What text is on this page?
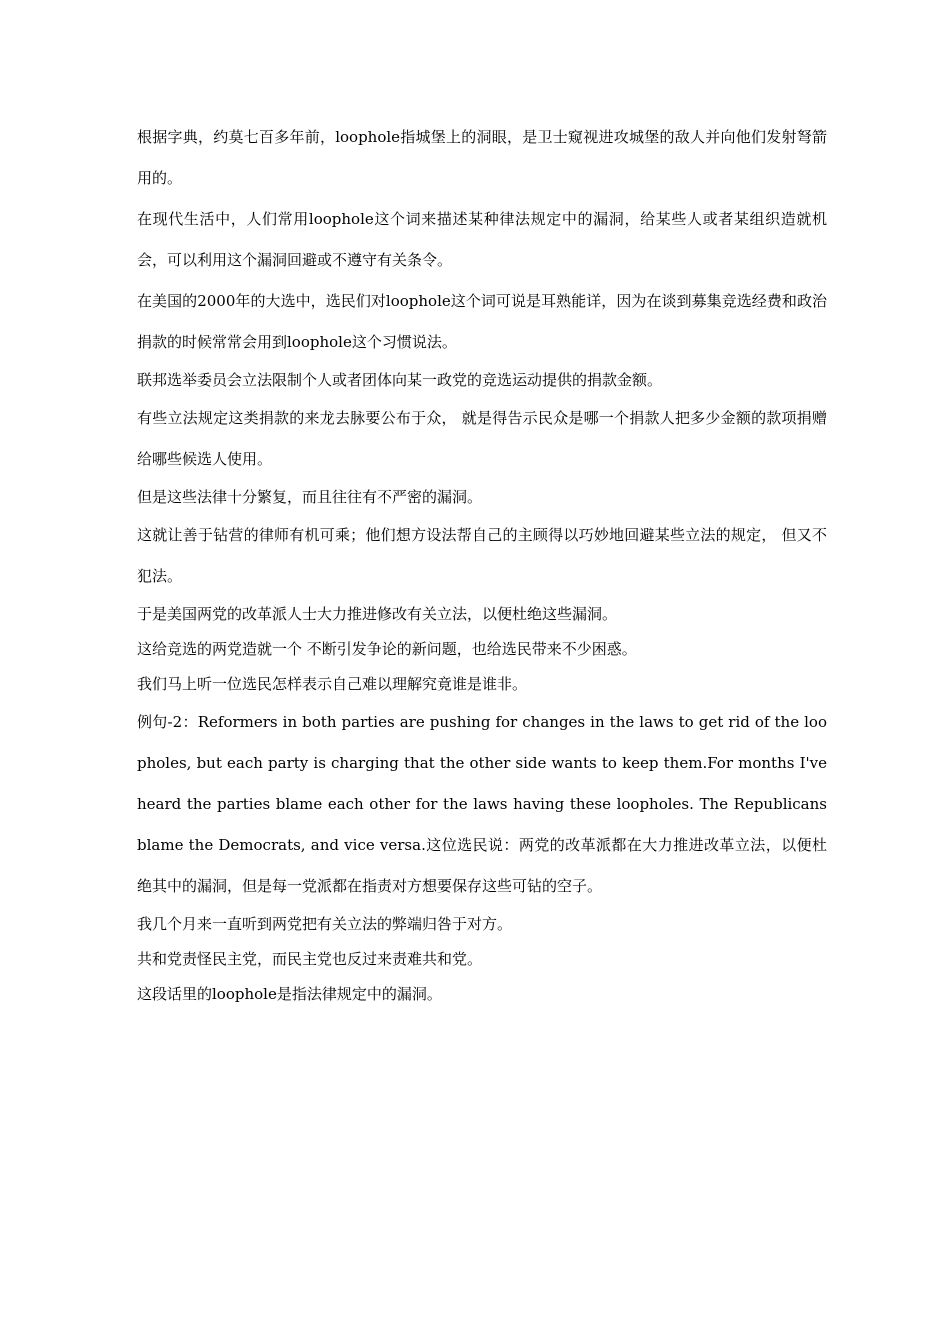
根据字典，约莫七百多年前，loophole指城堡上的洞眼，是卫士窥视进攻城堡的敌人并向他们发射弩箭用的。

在现代生活中，人们常用loophole这个词来描述某种律法规定中的漏洞，给某些人或者某组织造就机会，可以利用这个漏洞回避或不遵守有关条令。

在美国的2000年的大选中，选民们对loophole这个词可说是耳熟能详，因为在谈到募集竞选经费和政治捐款的时候常常会用到loophole这个习惯说法。

联邦选举委员会立法限制个人或者团体向某一政党的竞选运动提供的捐款金额。

有些立法规定这类捐款的来龙去脉要公布于众， 就是得告示民众是哪一个捐款人把多少金额的款项捐赠给哪些候选人使用。

但是这些法律十分繁复，而且往往有不严密的漏洞。

这就让善于钻营的律师有机可乘；他们想方设法帮自己的主顾得以巧妙地回避某些立法的规定， 但又不犯法。

于是美国两党的改革派人士大力推进修改有关立法，以便杜绝这些漏洞。

这给竞选的两党造就一个 不断引发争论的新问题，也给选民带来不少困惑。

我们马上听一位选民怎样表示自己难以理解究竟谁是谁非。

例句-2：Reformers in both parties are pushing for changes in the laws to get rid of the loopholes, but each party is charging that the other side wants to keep them.For months I've heard the parties blame each other for the laws having these loopholes. The Republicans blame the Democrats, and vice versa.这位选民说：两党的改革派都在大力推进改革立法，以便杜绝其中的漏洞，但是每一党派都在指责对方想要保存这些可钻的空子。

我几个月来一直听到两党把有关立法的弊端归咎于对方。

共和党责怪民主党，而民主党也反过来责难共和党。

这段话里的loophole是指法律规定中的漏洞。
